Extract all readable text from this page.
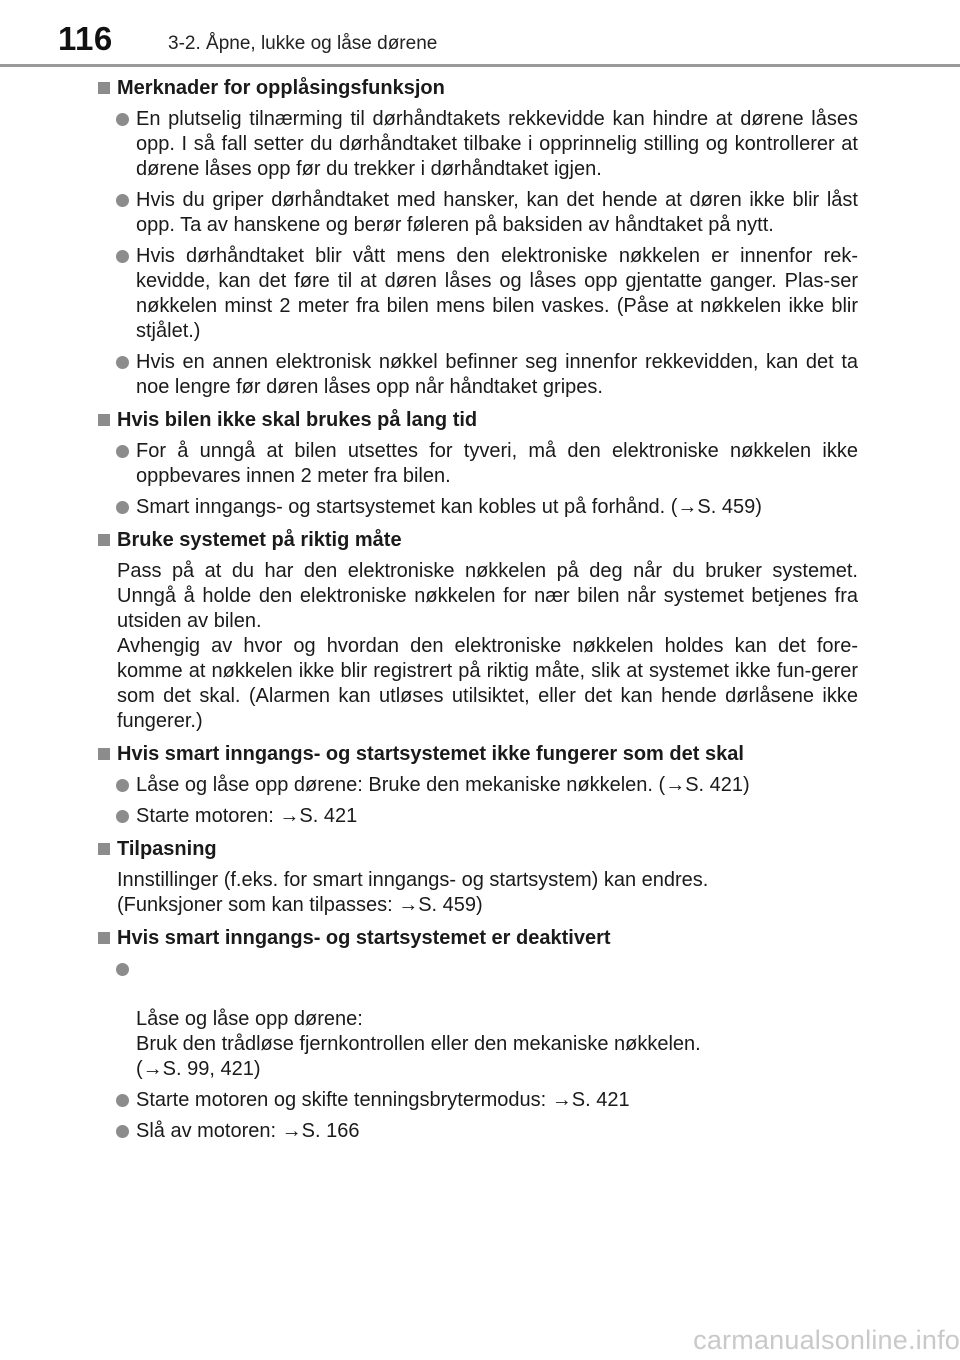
116	3-2. Åpne, lukke og låse dørene
Merknader for opplåsingsfunksjon
En plutselig tilnærming til dørhåndtakets rekkevidde kan hindre at dørene låses opp. I så fall setter du dørhåndtaket tilbake i opprinnelig stilling og kontrollerer at dørene låses opp før du trekker i dørhåndtaket igjen.
Hvis du griper dørhåndtaket med hansker, kan det hende at døren ikke blir låst opp. Ta av hanskene og berør føleren på baksiden av håndtaket på nytt.
Hvis dørhåndtaket blir vått mens den elektroniske nøkkelen er innenfor rek-kevidde, kan det føre til at døren låses og låses opp gjentatte ganger. Plas-ser nøkkelen minst 2 meter fra bilen mens bilen vaskes. (Påse at nøkkelen ikke blir stjålet.)
Hvis en annen elektronisk nøkkel befinner seg innenfor rekkevidden, kan det ta noe lengre før døren låses opp når håndtaket gripes.
Hvis bilen ikke skal brukes på lang tid
For å unngå at bilen utsettes for tyveri, må den elektroniske nøkkelen ikke oppbevares innen 2 meter fra bilen.
Smart inngangs- og startsystemet kan kobles ut på forhånd. (→S. 459)
Bruke systemet på riktig måte
Pass på at du har den elektroniske nøkkelen på deg når du bruker systemet. Unngå å holde den elektroniske nøkkelen for nær bilen når systemet betjenes fra utsiden av bilen.
Avhengig av hvor og hvordan den elektroniske nøkkelen holdes kan det fore-komme at nøkkelen ikke blir registrert på riktig måte, slik at systemet ikke fun-gerer som det skal. (Alarmen kan utløses utilsiktet, eller det kan hende dørlåsene ikke fungerer.)
Hvis smart inngangs- og startsystemet ikke fungerer som det skal
Låse og låse opp dørene: Bruke den mekaniske nøkkelen. (→S. 421)
Starte motoren: →S. 421
Tilpasning
Innstillinger (f.eks. for smart inngangs- og startsystem) kan endres.
(Funksjoner som kan tilpasses: →S. 459)
Hvis smart inngangs- og startsystemet er deaktivert

Låse og låse opp dørene:
Bruk den trådløse fjernkontrollen eller den mekaniske nøkkelen.
(→S. 99, 421)

Starte motoren og skifte tenningsbrytermodus: →S. 421
Slå av motoren: →S. 166
carmanualsonline.info
